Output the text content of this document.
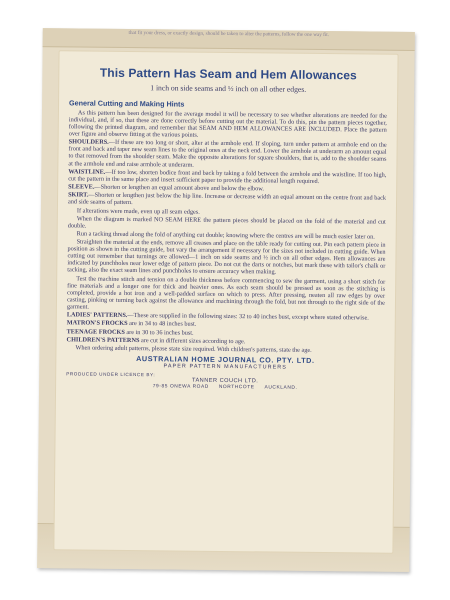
that fit your dress, or exactly design, should be taken to alter the patterns, follow the one way fit.
This Pattern Has Seam and Hem Allowances
1 inch on side seams and ½ inch on all other edges.
General Cutting and Making Hints

As this pattern has been designed for the average model it will be necessary to see whether alterations are needed for the individual, and, if so, that these are done correctly before cutting out the material. To do this, pin the pattern pieces together, following the printed diagram, and remember that SEAM AND HEM ALLOWANCES ARE INCLUDED. Place the pattern over figure and observe fitting at the various points.

SHOULDERS.—If these are too long or short, alter at the armhole end. If sloping, turn under pattern at armhole end on the front and back and taper new seam lines to the original ones at the neck end. Lower the armhole at underarm an amount equal to that removed from the shoulder seam. Make the opposite alterations for square shoulders, that is, add to the shoulder seams at the armhole end and raise armhole at underarm.

WAISTLINE.—If too low, shorten bodice front and back by taking a fold between the armhole and the waistline. If too high, cut the pattern in the same place and insert sufficient paper to provide the additional length required.

SLEEVE.—Shorten or lengthen an equal amount above and below the elbow.

SKIRT.—Shorten or lengthen just below the hip line. Increase or decrease width an equal amount on the centre front and back and side seams of pattern.

If alterations were made, even up all seam edges.

When the diagram is marked NO SEAM HERE the pattern pieces should be placed on the fold of the material and cut double.

Run a tacking thread along the fold of anything cut double; knowing where the centres are will be much easier later on.

Straighten the material at the ends, remove all creases and place on the table ready for cutting out. Pin each pattern piece in position as shown in the cutting guide, but vary the arrangement if necessary for the sizes not included in cutting guide. When cutting out remember that turnings are allowed—1 inch on side seams and ½ inch on all other edges. Hem allowances are indicated by punchholes near lower edge of pattern piece. Do not cut the darts or notches, but mark these with tailor's chalk or tacking, also the exact seam lines and punchholes to ensure accuracy when making.

Test the machine stitch and tension on a double thickness before commencing to sew the garment, using a short stitch for fine materials and a longer one for thick and heavier ones. As each seam should be pressed as soon as the stitching is completed, provide a hot iron and a well-padded surface on which to press. After pressing, neaten all raw edges by over casting, pinking or turning back against the allowance and machining through the fold, but not through to the right side of the garment.

LADIES' PATTERNS.—These are supplied in the following sizes: 32 to 40 inches bust, except where stated otherwise.

MATRON'S FROCKS are in 34 to 48 inches bust.

TEENAGE FROCKS are in 30 to 36 inches bust.

CHILDREN'S PATTERNS are cut in different sizes according to age.

When ordering adult patterns, please state size required. With children's patterns, state the age.

AUSTRALIAN HOME JOURNAL CO. PTY. LTD.
PAPER PATTERN MANUFACTURERS
PRODUCED UNDER LICENCE BY:
TANNER COUCH LTD.
79-85 ONEWA ROAD NORTHCOTE AUCKLAND.
